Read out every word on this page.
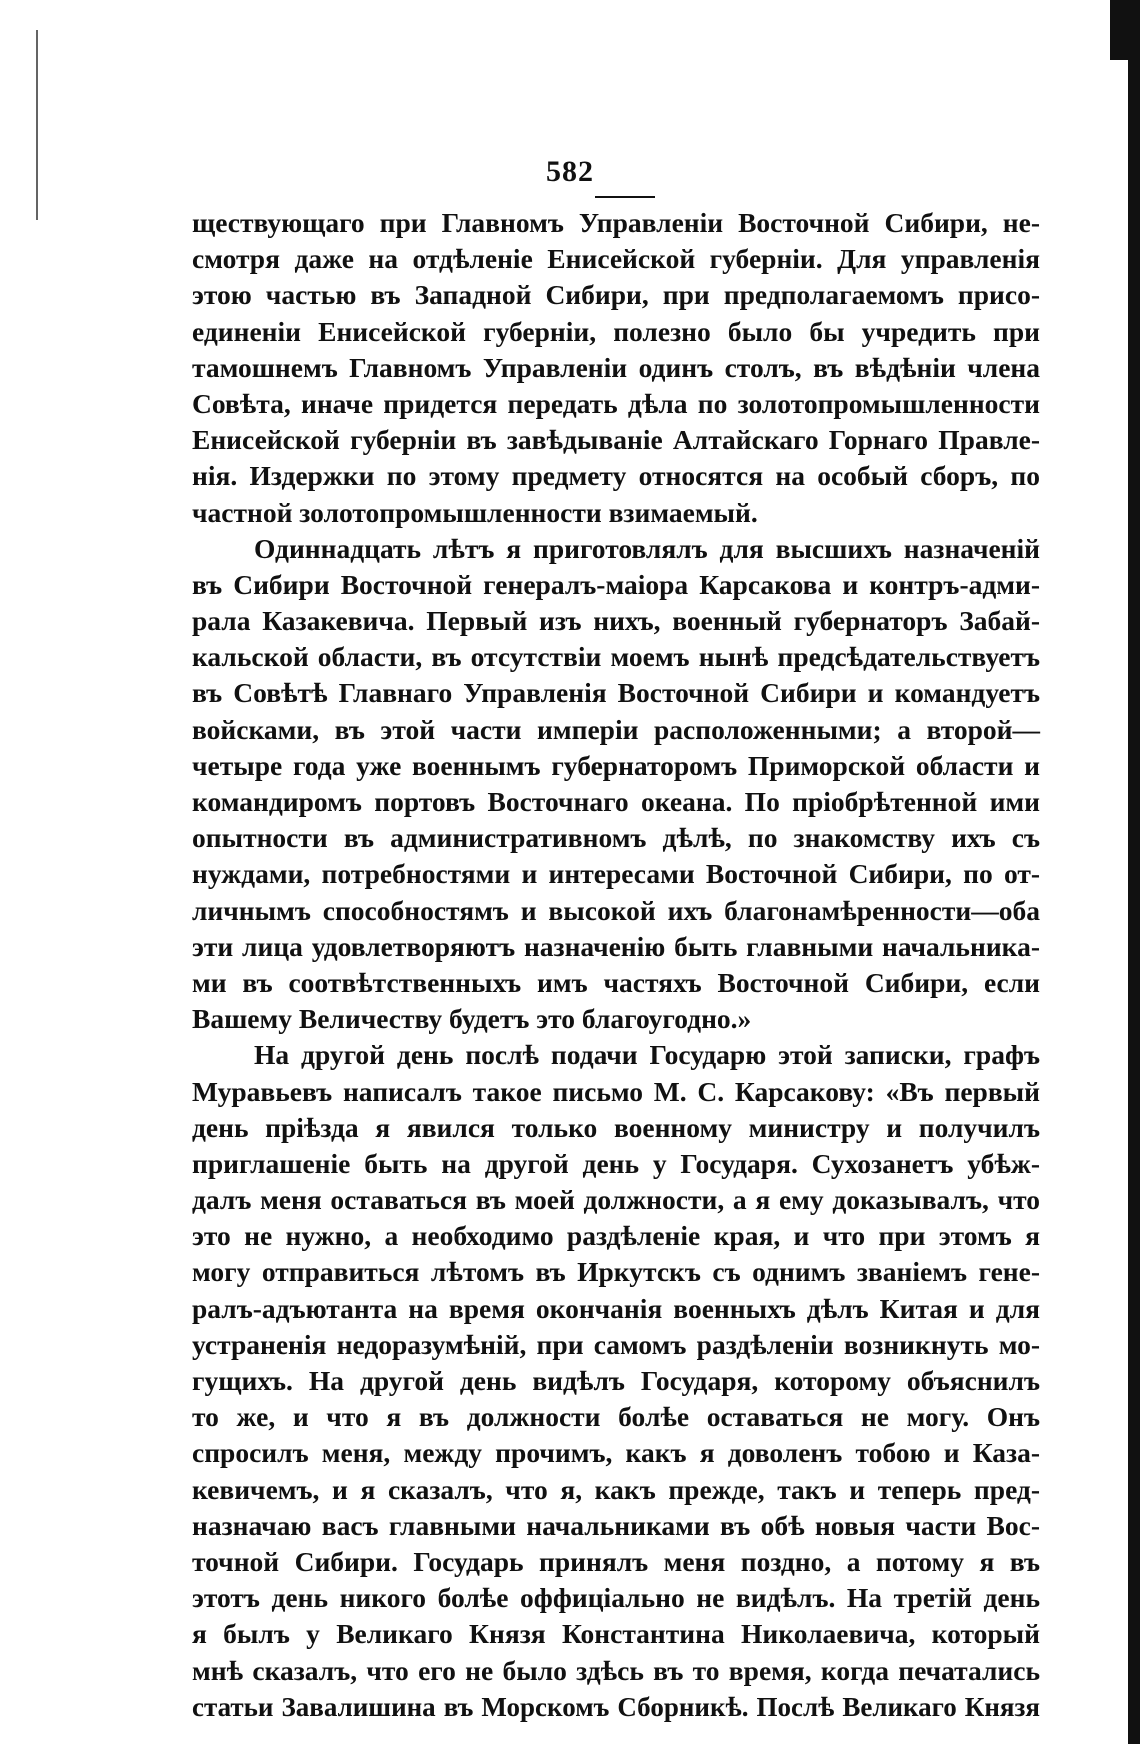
582
ществующаго при Главномъ Управленіи Восточной Сибири, не-
смотря даже на отдѣленіе Енисейской губерніи. Для управленія
этою частью въ Западной Сибири, при предполагаемомъ присо-
единеніи Енисейской губерніи, полезно было бы учредить при
тамошнемъ Главномъ Управленіи одинъ столъ, въ вѣдѣніи члена
Совѣта, иначе придется передать дѣла по золотопромышленности
Енисейской губерніи въ завѣдываніе Алтайскаго Горнаго Правле-
нія. Издержки по этому предмету относятся на особый сборъ, по
частной золотопромышленности взимаемый.
Одиннадцать лѣтъ я приготовлялъ для высшихъ назначеній
въ Сибири Восточной генералъ-маіора Карсакова и контръ-адми-
рала Казакевича. Первый изъ нихъ, военный губернаторъ Забай-
кальской области, въ отсутствіи моемъ нынѣ предсѣдательствуетъ
въ Совѣтѣ Главнаго Управленія Восточной Сибири и командуетъ
войсками, въ этой части имперіи расположенными; а второй—
четыре года уже военнымъ губернаторомъ Приморской области и
командиромъ портовъ Восточнаго океана. По пріобрѣтенной ими
опытности въ административномъ дѣлѣ, по знакомству ихъ съ
нуждами, потребностями и интересами Восточной Сибири, по от-
личнымъ способностямъ и высокой ихъ благонамѣренности—оба
эти лица удовлетворяютъ назначенію быть главными начальника-
ми въ соотвѣтственныхъ имъ частяхъ Восточной Сибири, если
Вашему Величеству будетъ это благоугодно.»
На другой день послѣ подачи Государю этой записки, графъ
Муравьевъ написалъ такое письмо М. С. Карсакову: «Въ первый
день пріѣзда я явился только военному министру и получилъ
приглашеніе быть на другой день у Государя. Сухозанетъ убѣж-
далъ меня оставаться въ моей должности, а я ему доказывалъ, что
это не нужно, а необходимо раздѣленіе края, и что при этомъ я
могу отправиться лѣтомъ въ Иркутскъ съ однимъ званіемъ гене-
ралъ-адъютанта на время окончанія военныхъ дѣлъ Китая и для
устраненія недоразумѣній, при самомъ раздѣленіи возникнуть мо-
гущихъ. На другой день видѣлъ Государя, которому объяснилъ
то же, и что я въ должности болѣе оставаться не могу. Онъ
спросилъ меня, между прочимъ, какъ я доволенъ тобою и Каза-
кевичемъ, и я сказалъ, что я, какъ прежде, такъ и теперь пред-
назначаю васъ главными начальниками въ обѣ новыя части Вос-
точной Сибири. Государь принялъ меня поздно, а потому я въ
этотъ день никого болѣе оффиціально не видѣлъ. На третій день
я былъ у Великаго Князя Константина Николаевича, который
мнѣ сказалъ, что его не было здѣсь въ то время, когда печатались
статьи Завалишина въ Морскомъ Сборникѣ. Послѣ Великаго Князя
